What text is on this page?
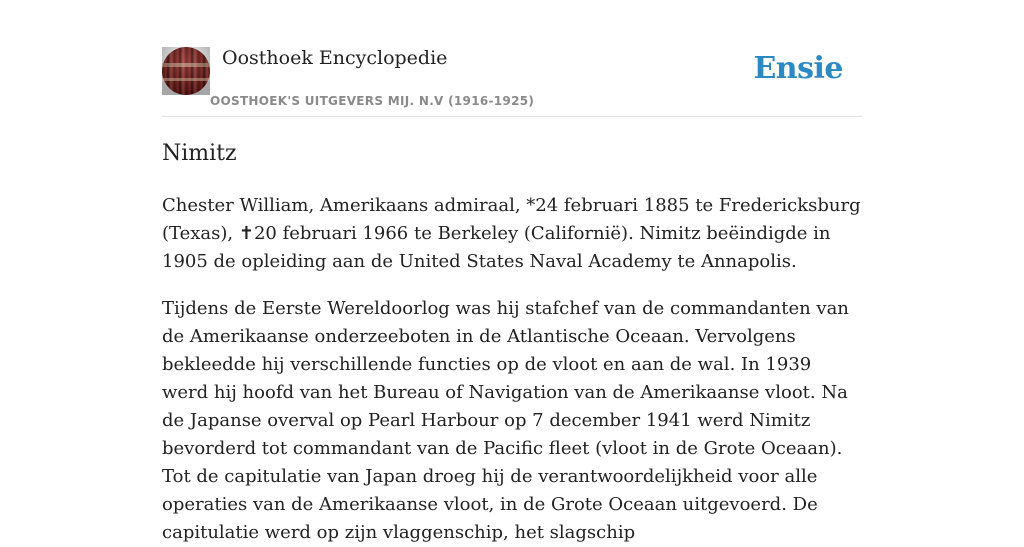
Oosthoek Encyclopedie
OOSTHOEK'S UITGEVERS MIJ. N.V (1916-1925)
Ensie
Nimitz

Chester William, Amerikaans admiraal, *24 februari 1885 te Fredericksburg (Texas), ✝20 februari 1966 te Berkeley (Californië). Nimitz beëindigde in 1905 de opleiding aan de United States Naval Academy te Annapolis.

Tijdens de Eerste Wereldoorlog was hij stafchef van de commandanten van de Amerikaanse onderzeeboten in de Atlantische Oceaan. Vervolgens bekleedde hij verschillende functies op de vloot en aan de wal. In 1939 werd hij hoofd van het Bureau of Navigation van de Amerikaanse vloot. Na de Japanse overval op Pearl Harbour op 7 december 1941 werd Nimitz bevorderd tot commandant van de Pacific fleet (vloot in de Grote Oceaan). Tot de capitulatie van Japan droeg hij de verantwoordelijkheid voor alle operaties van de Amerikaanse vloot, in de Grote Oceaan uitgevoerd. De capitulatie werd op zijn vlaggenschip, het slagschip
